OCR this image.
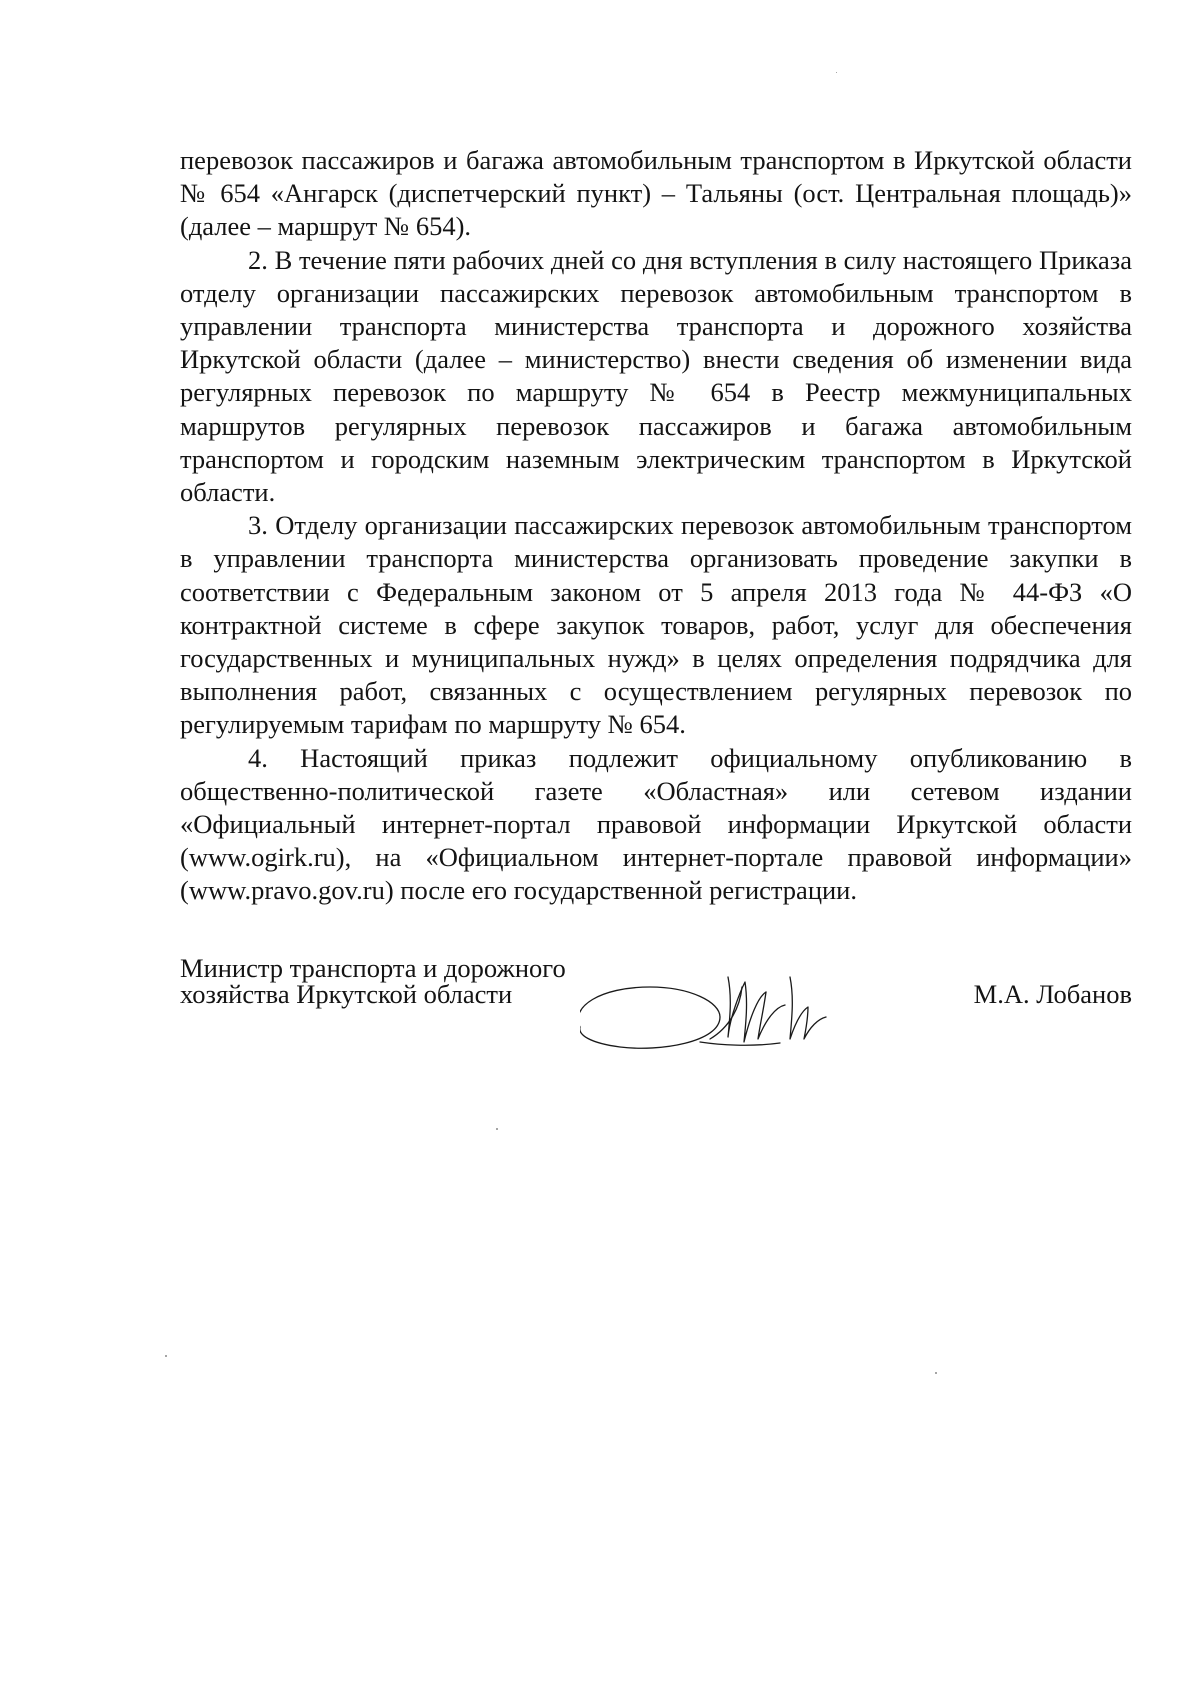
перевозок пассажиров и багажа автомобильным транспортом в Иркутской области № 654 «Ангарск (диспетчерский пункт) – Тальяны (ост. Центральная площадь)» (далее – маршрут № 654).

2. В течение пяти рабочих дней со дня вступления в силу настоящего Приказа отделу организации пассажирских перевозок автомобильным транспортом в управлении транспорта министерства транспорта и дорожного хозяйства Иркутской области (далее – министерство) внести сведения об изменении вида регулярных перевозок по маршруту № 654 в Реестр межмуниципальных маршрутов регулярных перевозок пассажиров и багажа автомобильным транспортом и городским наземным электрическим транспортом в Иркутской области.

3. Отделу организации пассажирских перевозок автомобильным транспортом в управлении транспорта министерства организовать проведение закупки в соответствии с Федеральным законом от 5 апреля 2013 года № 44-ФЗ «О контрактной системе в сфере закупок товаров, работ, услуг для обеспечения государственных и муниципальных нужд» в целях определения подрядчика для выполнения работ, связанных с осуществлением регулярных перевозок по регулируемым тарифам по маршруту № 654.

4. Настоящий приказ подлежит официальному опубликованию в общественно-политической газете «Областная» или сетевом издании «Официальный интернет-портал правовой информации Иркутской области (www.ogirk.ru), на «Официальном интернет-портале правовой информации» (www.pravo.gov.ru) после его государственной регистрации.

Министр транспорта и дорожного
хозяйства Иркутской области	М.А. Лобанов
